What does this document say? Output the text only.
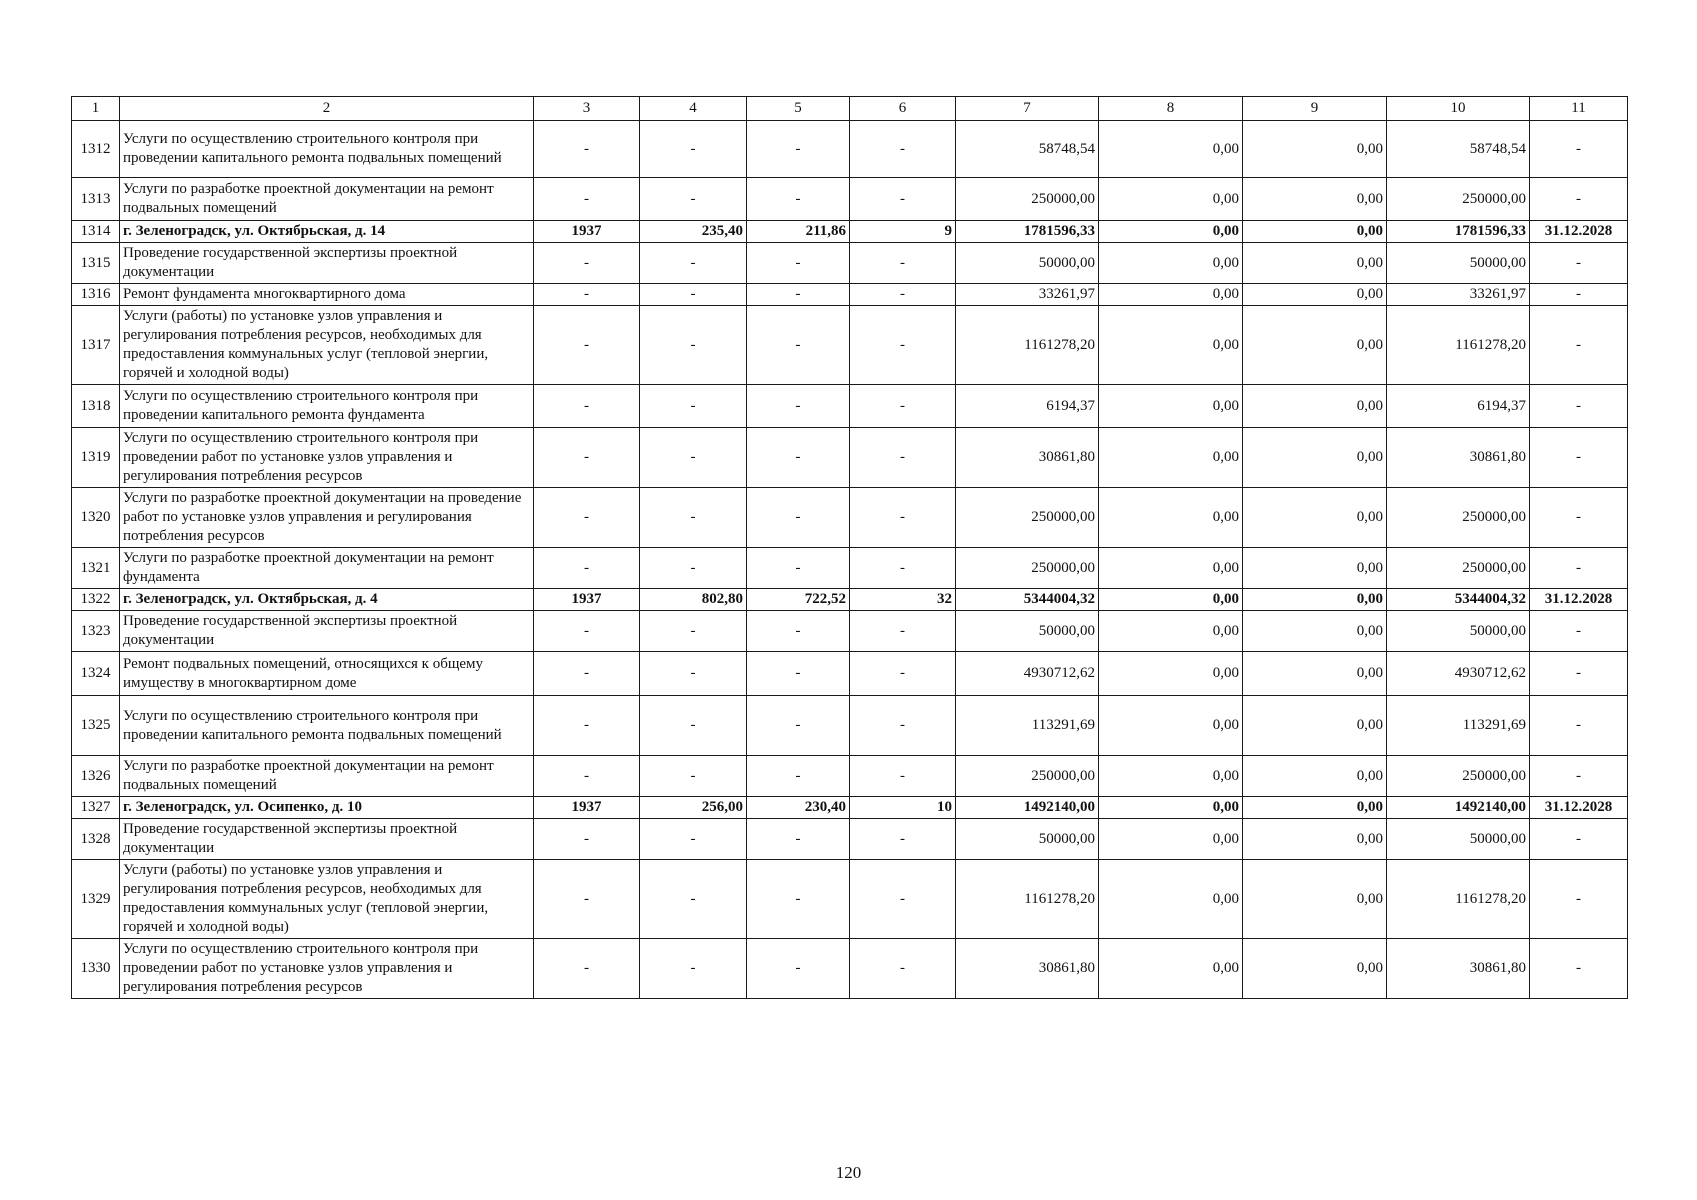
1	2	3	4	5	6	7	8	9	10	11
1312	Услуги по осуществлению строительного контроля при проведении капитального ремонта подвальных помещений	-	-	-	-	58748,54	0,00	0,00	58748,54	-
1313	Услуги по разработке проектной документации на ремонт подвальных помещений	-	-	-	-	250000,00	0,00	0,00	250000,00	-
1314	г. Зеленоградск, ул. Октябрьская, д. 14	1937	235,40	211,86	9	1781596,33	0,00	0,00	1781596,33	31.12.2028
1315	Проведение государственной экспертизы проектной документации	-	-	-	-	50000,00	0,00	0,00	50000,00	-
1316	Ремонт фундамента многоквартирного дома	-	-	-	-	33261,97	0,00	0,00	33261,97	-
1317	Услуги (работы) по установке узлов управления и регулирования потребления ресурсов, необходимых для предоставления коммунальных услуг (тепловой энергии, горячей и холодной воды)	-	-	-	-	1161278,20	0,00	0,00	1161278,20	-
1318	Услуги по осуществлению строительного контроля при проведении капитального ремонта фундамента	-	-	-	-	6194,37	0,00	0,00	6194,37	-
1319	Услуги по осуществлению строительного контроля при проведении работ по установке узлов управления и регулирования потребления ресурсов	-	-	-	-	30861,80	0,00	0,00	30861,80	-
1320	Услуги по разработке проектной документации на проведение работ по установке узлов управления и регулирования потребления ресурсов	-	-	-	-	250000,00	0,00	0,00	250000,00	-
1321	Услуги по разработке проектной документации на ремонт фундамента	-	-	-	-	250000,00	0,00	0,00	250000,00	-
1322	г. Зеленоградск, ул. Октябрьская, д. 4	1937	802,80	722,52	32	5344004,32	0,00	0,00	5344004,32	31.12.2028
1323	Проведение государственной экспертизы проектной документации	-	-	-	-	50000,00	0,00	0,00	50000,00	-
1324	Ремонт подвальных помещений, относящихся к общему имуществу в многоквартирном доме	-	-	-	-	4930712,62	0,00	0,00	4930712,62	-
1325	Услуги по осуществлению строительного контроля при проведении капитального ремонта подвальных помещений	-	-	-	-	113291,69	0,00	0,00	113291,69	-
1326	Услуги по разработке проектной документации на ремонт подвальных помещений	-	-	-	-	250000,00	0,00	0,00	250000,00	-
1327	г. Зеленоградск, ул. Осипенко, д. 10	1937	256,00	230,40	10	1492140,00	0,00	0,00	1492140,00	31.12.2028
1328	Проведение государственной экспертизы проектной документации	-	-	-	-	50000,00	0,00	0,00	50000,00	-
1329	Услуги (работы) по установке узлов управления и регулирования потребления ресурсов, необходимых для предоставления коммунальных услуг (тепловой энергии, горячей и холодной воды)	-	-	-	-	1161278,20	0,00	0,00	1161278,20	-
1330	Услуги по осуществлению строительного контроля при проведении работ по установке узлов управления и регулирования потребления ресурсов	-	-	-	-	30861,80	0,00	0,00	30861,80	-
120
